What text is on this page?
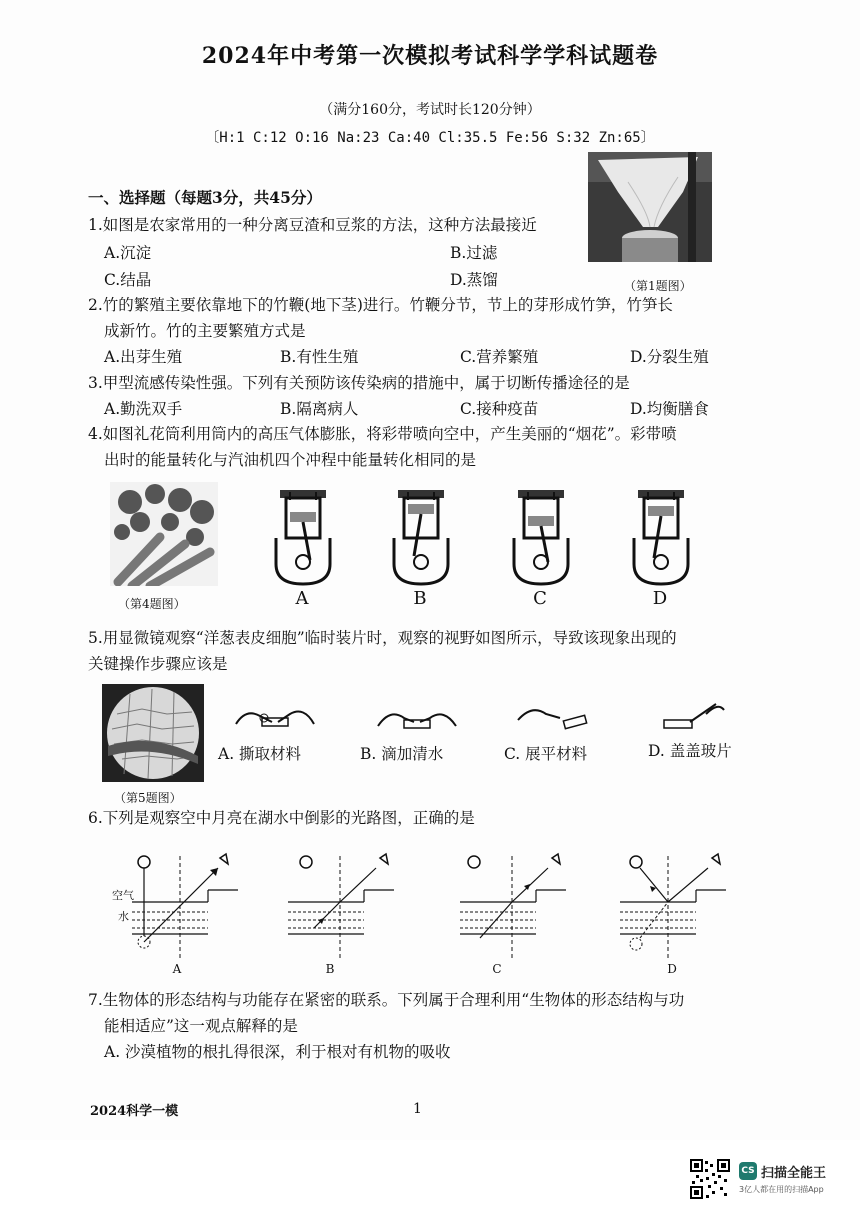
2024年中考第一次模拟考试科学学科试题卷
（满分160分，考试时长120分钟）
〔H:1 C:12 O:16 Na:23 Ca:40 Cl:35.5 Fe:56 S:32 Zn:65〕
一、选择题（每题3分，共45分）
1.如图是农家常用的一种分离豆渣和豆浆的方法，这种方法最接近
A.沉淀	B.过滤
C.结晶	D.蒸馏	（第1题图）
2.竹的繁殖主要依靠地下的竹鞭(地下茎)进行。竹鞭分节，节上的芽形成竹笋，竹笋长
成新竹。竹的主要繁殖方式是
A.出芽生殖	B.有性生殖	C.营养繁殖	D.分裂生殖
3.甲型流感传染性强。下列有关预防该传染病的措施中，属于切断传播途径的是
A.勤洗双手	B.隔离病人	C.接种疫苗	D.均衡膳食
4.如图礼花筒利用筒内的高压气体膨胀，将彩带喷向空中，产生美丽的“烟花”。彩带喷
出时的能量转化与汽油机四个冲程中能量转化相同的是
（第4题图）	A	B	C	D
5.用显微镜观察“洋葱表皮细胞”临时装片时，观察的视野如图所示，导致该现象出现的
关键操作步骤应该是
（第5题图）
A. 撕取材料	B. 滴加清水	C. 展平材料	D. 盖盖玻片
6.下列是观察空中月亮在湖水中倒影的光路图，正确的是
空气
水
A	B	C	D
7.生物体的形态结构与功能存在紧密的联系。下列属于合理利用“生物体的形态结构与功
能相适应”这一观点解释的是
A. 沙漠植物的根扎得很深，利于根对有机物的吸收
2024科学一模	1
CS 扫描全能王
3亿人都在用的扫描App
